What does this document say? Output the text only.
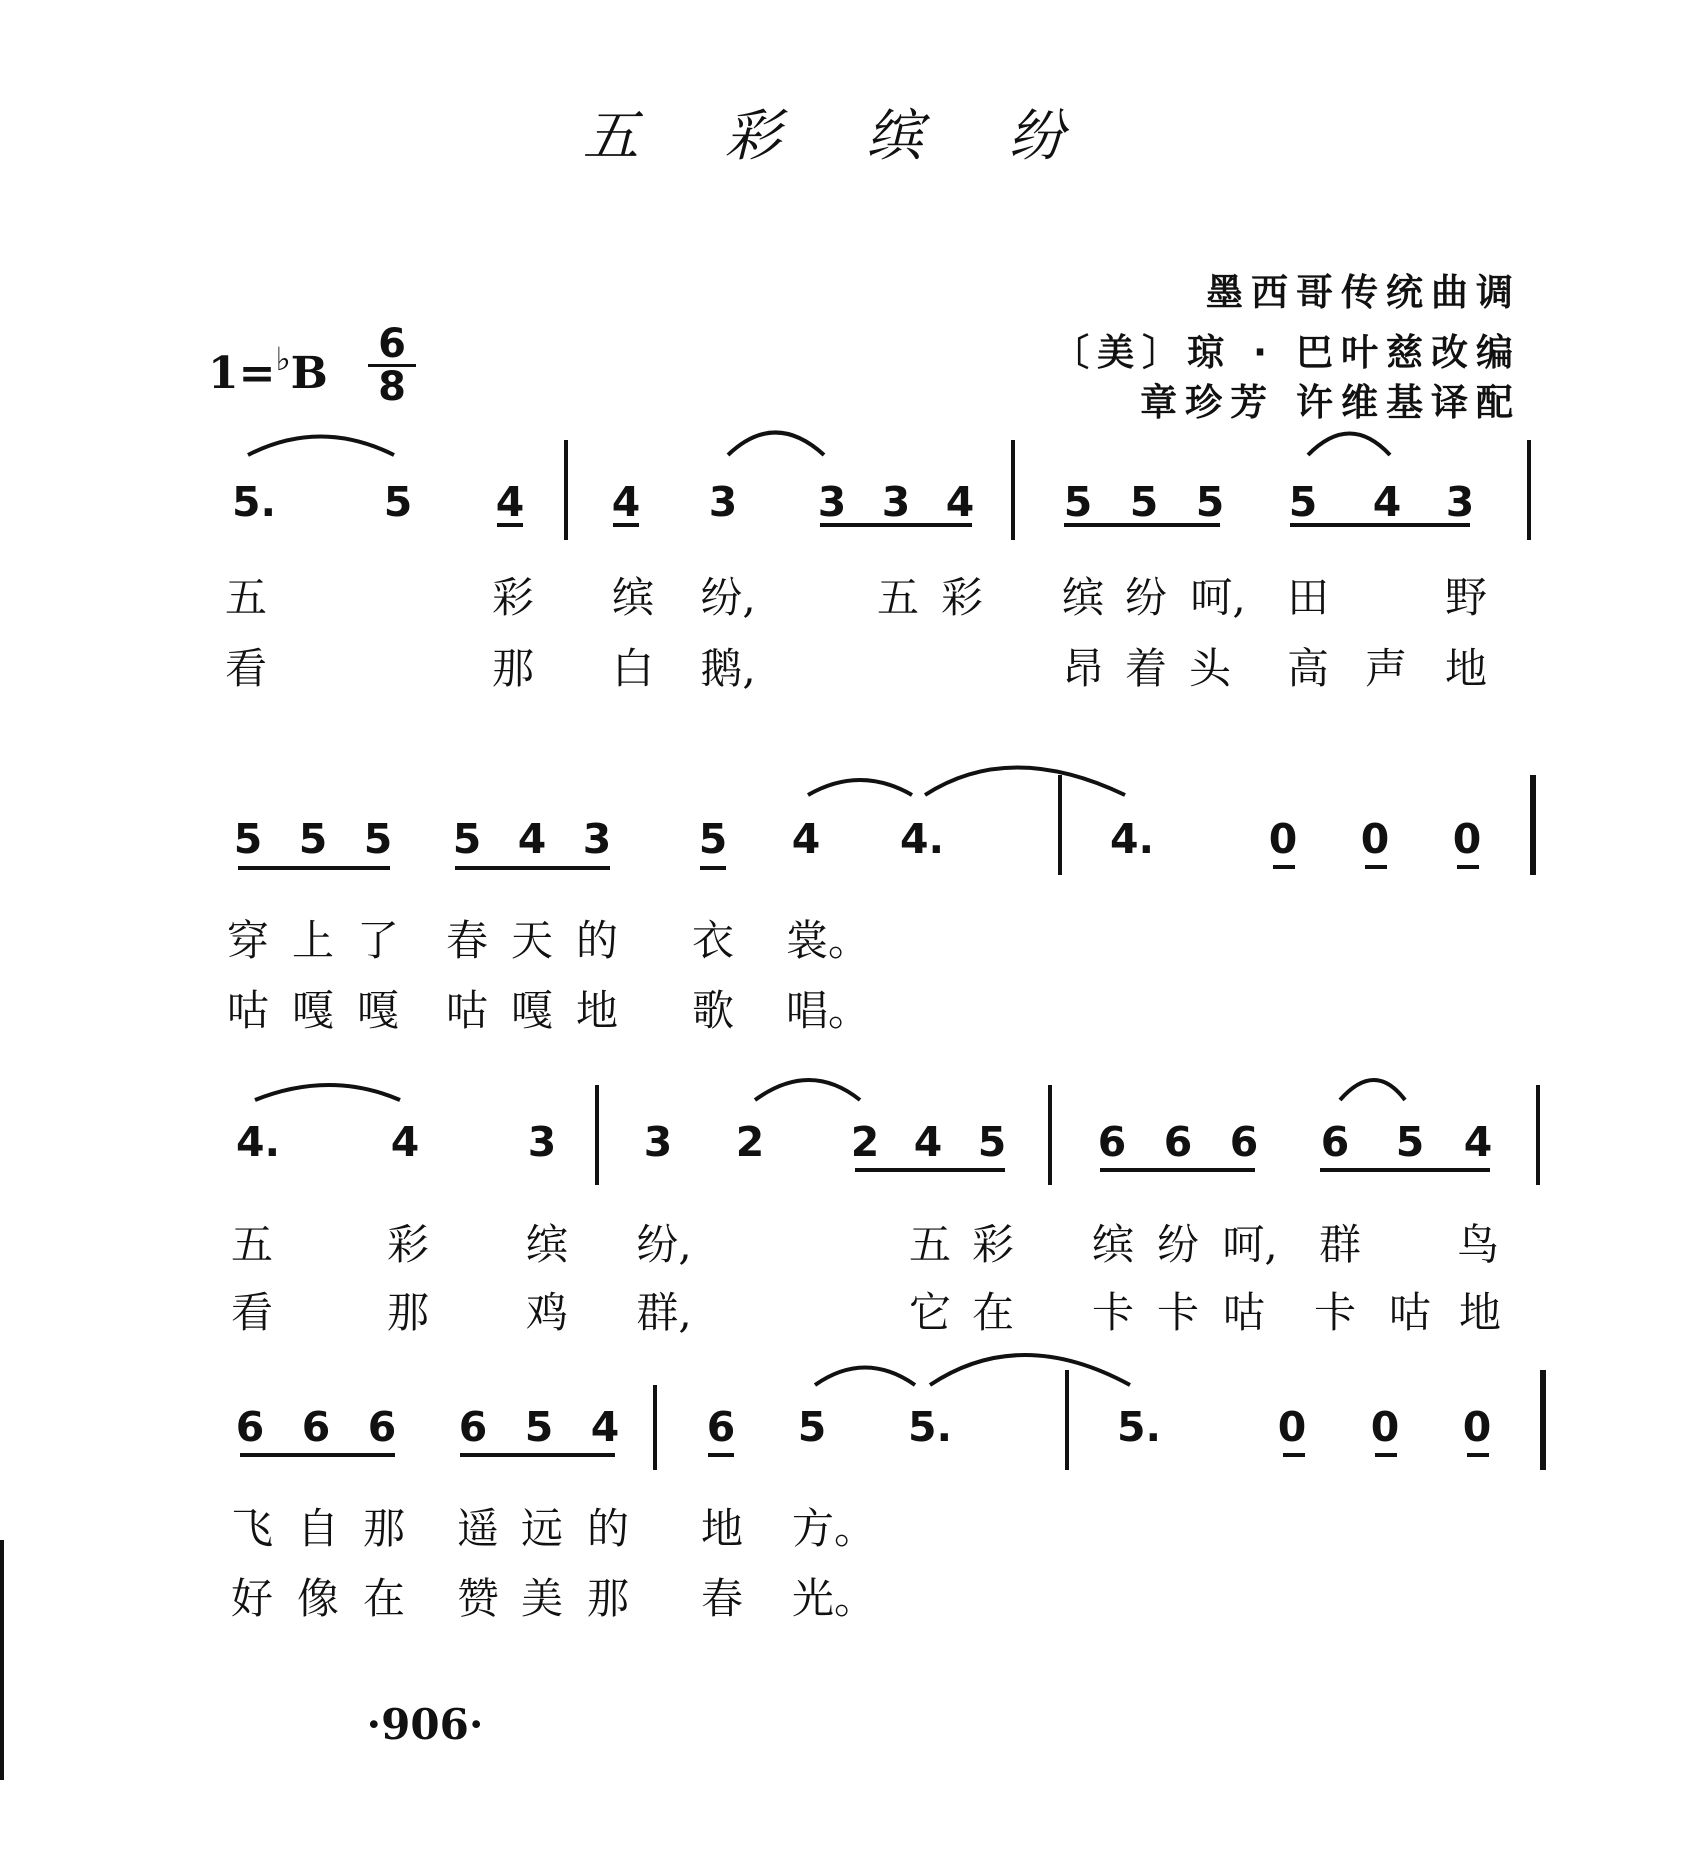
五 彩 缤 纷
墨西哥传统曲调
〔美〕琼 · 巴叶慈改编
章珍芳 许维基译配
1=♭B
6
8
5.	5 4 4 3 3 3 4 5 5 5 5 4 3
五	彩 缤 纷,	五 彩 缤 纷 呵, 田	野
看	那 白 鹅,	昂 着 头 高 声 地
5 5 5 5 4 3 5 4 4.	4.	0 0 0
穿 上 了 春 天 的 衣 裳。
咕 嘎 嘎 咕 嘎 地 歌 唱。
4.	4	3 3 2 2 4 5 6 6 6 6 5 4
五	彩 缤 纷,	五 彩 缤 纷 呵, 群 鸟
看	那 鸡 群,	它 在 卡 卡 咕 卡 咕 地
6 6 6 6 5 4 6 5 5.	5.	0 0 0
飞 自 那 遥 远 的 地 方。
好 像 在 赞 美 那 春 光。
·906·
